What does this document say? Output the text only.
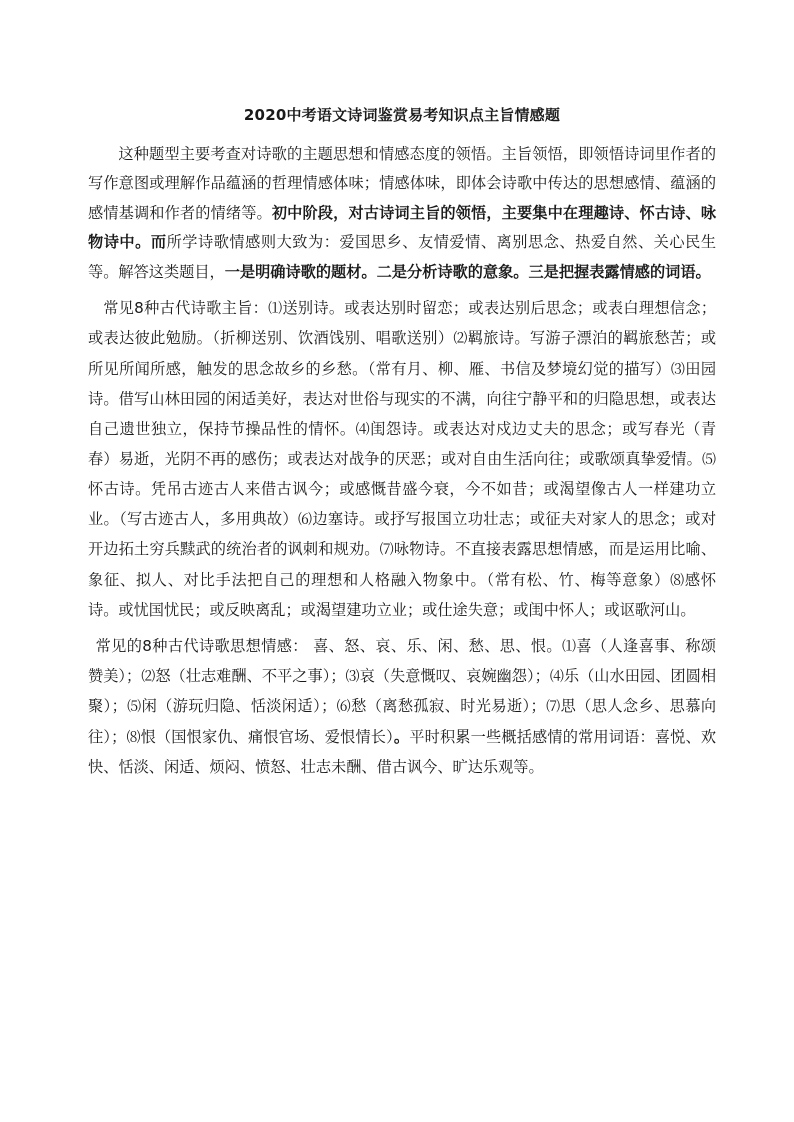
2020中考语文诗词鉴赏易考知识点主旨情感题

这种题型主要考查对诗歌的主题思想和情感态度的领悟。主旨领悟，即领悟诗词里作者的写作意图或理解作品蕴涵的哲理情感体味；情感体味，即体会诗歌中传达的思想感情、蕴涵的感情基调和作者的情绪等。初中阶段，对古诗词主旨的领悟，主要集中在理趣诗、怀古诗、咏物诗中。而所学诗歌情感则大致为：爱国思乡、友情爱情、离别思念、热爱自然、关心民生等。解答这类题目，一是明确诗歌的题材。二是分析诗歌的意象。三是把握表露情感的词语。

常见8种古代诗歌主旨：⑴送别诗。或表达别时留恋；或表达别后思念；或表白理想信念；或表达彼此勉励。（折柳送别、饮酒饯别、唱歌送别）⑵羁旅诗。写游子漂泊的羁旅愁苦；或所见所闻所感，触发的思念故乡的乡愁。（常有月、柳、雁、书信及梦境幻觉的描写）⑶田园诗。借写山林田园的闲适美好，表达对世俗与现实的不满，向往宁静平和的归隐思想，或表达自己遗世独立，保持节操品性的情怀。⑷闺怨诗。或表达对戍边丈夫的思念；或写春光（青春）易逝，光阴不再的感伤；或表达对战争的厌恶；或对自由生活向往；或歌颂真挚爱情。⑸怀古诗。凭吊古迹古人来借古讽今；或感慨昔盛今衰，今不如昔；或渴望像古人一样建功立业。（写古迹古人，多用典故）⑹边塞诗。或抒写报国立功壮志；或征夫对家人的思念；或对开边拓土穷兵黩武的统治者的讽刺和规劝。⑺咏物诗。不直接表露思想情感，而是运用比喻、象征、拟人、对比手法把自己的理想和人格融入物象中。（常有松、竹、梅等意象）⑻感怀诗。或忧国忧民；或反映离乱；或渴望建功立业；或仕途失意；或闺中怀人；或讴歌河山。

常见的8种古代诗歌思想情感： 喜、怒、哀、乐、闲、愁、思、恨。⑴喜（人逢喜事、称颂赞美）；⑵怒（壮志难酬、不平之事）；⑶哀（失意慨叹、哀婉幽怨）；⑷乐（山水田园、团圆相聚）；⑸闲（游玩归隐、恬淡闲适）；⑹愁（离愁孤寂、时光易逝）；⑺思（思人念乡、思慕向往）；⑻恨（国恨家仇、痛恨官场、爱恨情长）。平时积累一些概括感情的常用词语：喜悦、欢快、恬淡、闲适、烦闷、愤怒、壮志未酬、借古讽今、旷达乐观等。
